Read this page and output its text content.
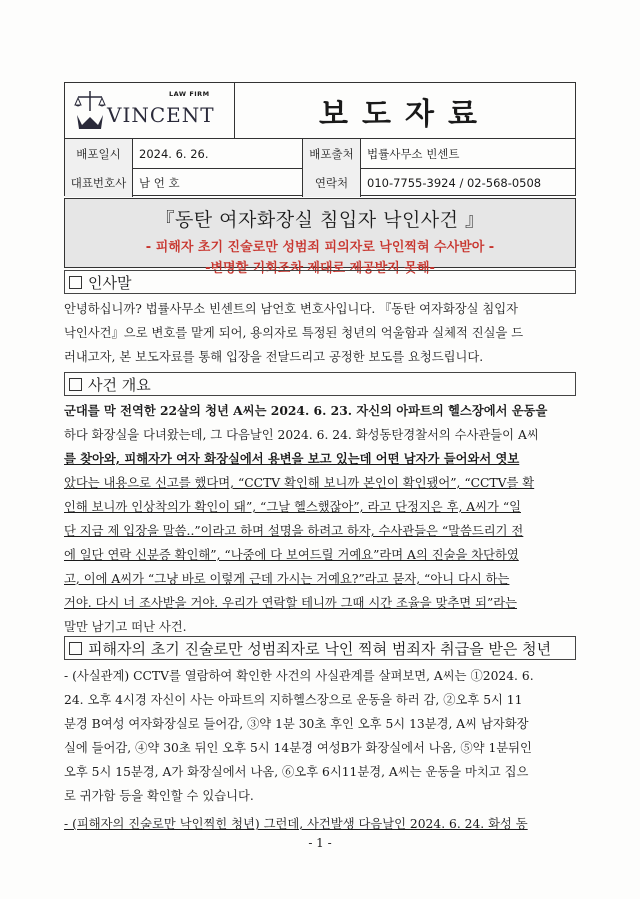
LAW FIRM
VINCENT	보도자료
배포일시	2024. 6. 26.	배포출처	법률사무소 빈센트
대표번호사	남 언 호	연락처	010-7755-3924 / 02-568-0508
『동탄 여자화장실 침입자 낙인사건 』
- 피해자 초기 진술로만 성범죄 피의자로 낙인찍혀 수사받아 -
-변명할 기회조차 제대로 제공받지 못해-
인사말
안녕하십니까? 법률사무소 빈센트의 남언호 변호사입니다. 『동탄 여자화장실 침입자
낙인사건』으로 변호를 맡게 되어, 용의자로 특정된 청년의 억울함과 실체적 진실을 드
러내고자, 본 보도자료를 통해 입장을 전달드리고 공정한 보도를 요청드립니다.
사건 개요
군대를 막 전역한 22살의 청년 A씨는 2024. 6. 23. 자신의 아파트의 헬스장에서 운동을
하다 화장실을 다녀왔는데, 그 다음날인 2024. 6. 24. 화성동탄경찰서의 수사관들이 A씨
를 찾아와, 피해자가 여자 화장실에서 용변을 보고 있는데 어떤 남자가 들어와서 엿보
았다는 내용으로 신고를 했다며, “CCTV 확인해 보니까 본인이 확인됐어”, “CCTV를 확
인해 보니까 인상착의가 확인이 돼”, “그날 헬스했잖아”, 라고 단정지은 후, A씨가 “일
단 지금 제 입장을 말씀..”이라고 하며 설명을 하려고 하자, 수사관들은 “말씀드리기 전
에 일단 연락 신분증 확인해”, “나중에 다 보여드릴 거예요”라며 A의 진술을 차단하였
고, 이에 A씨가 “그냥 바로 이렇게 근데 가시는 거예요?”라고 묻자, “아니 다시 하는
거야. 다시 너 조사받을 거야. 우리가 연락할 테니까 그때 시간 조율을 맞추면 되”라는
말만 남기고 떠난 사건.
피해자의 초기 진술로만 성범죄자로 낙인 찍혀 범죄자 취급을 받은 청년
- (사실관계) CCTV를 열람하여 확인한 사건의 사실관계를 살펴보면, A씨는 ①2024. 6.
24. 오후 4시경 자신이 사는 아파트의 지하헬스장으로 운동을 하러 감, ②오후 5시 11
분경 B여성 여자화장실로 들어감, ③약 1분 30초 후인 오후 5시 13분경, A씨 남자화장
실에 들어감, ④약 30초 뒤인 오후 5시 14분경 여성B가 화장실에서 나옴, ⑤약 1분뒤인
오후 5시 15분경, A가 화장실에서 나옴, ⑥오후 6시11분경, A씨는 운동을 마치고 집으
로 귀가함 등을 확인할 수 있습니다.
- (피해자의 진술로만 낙인찍힌 청년) 그런데, 사건발생 다음날인 2024. 6. 24. 화성 동
- 1 -
